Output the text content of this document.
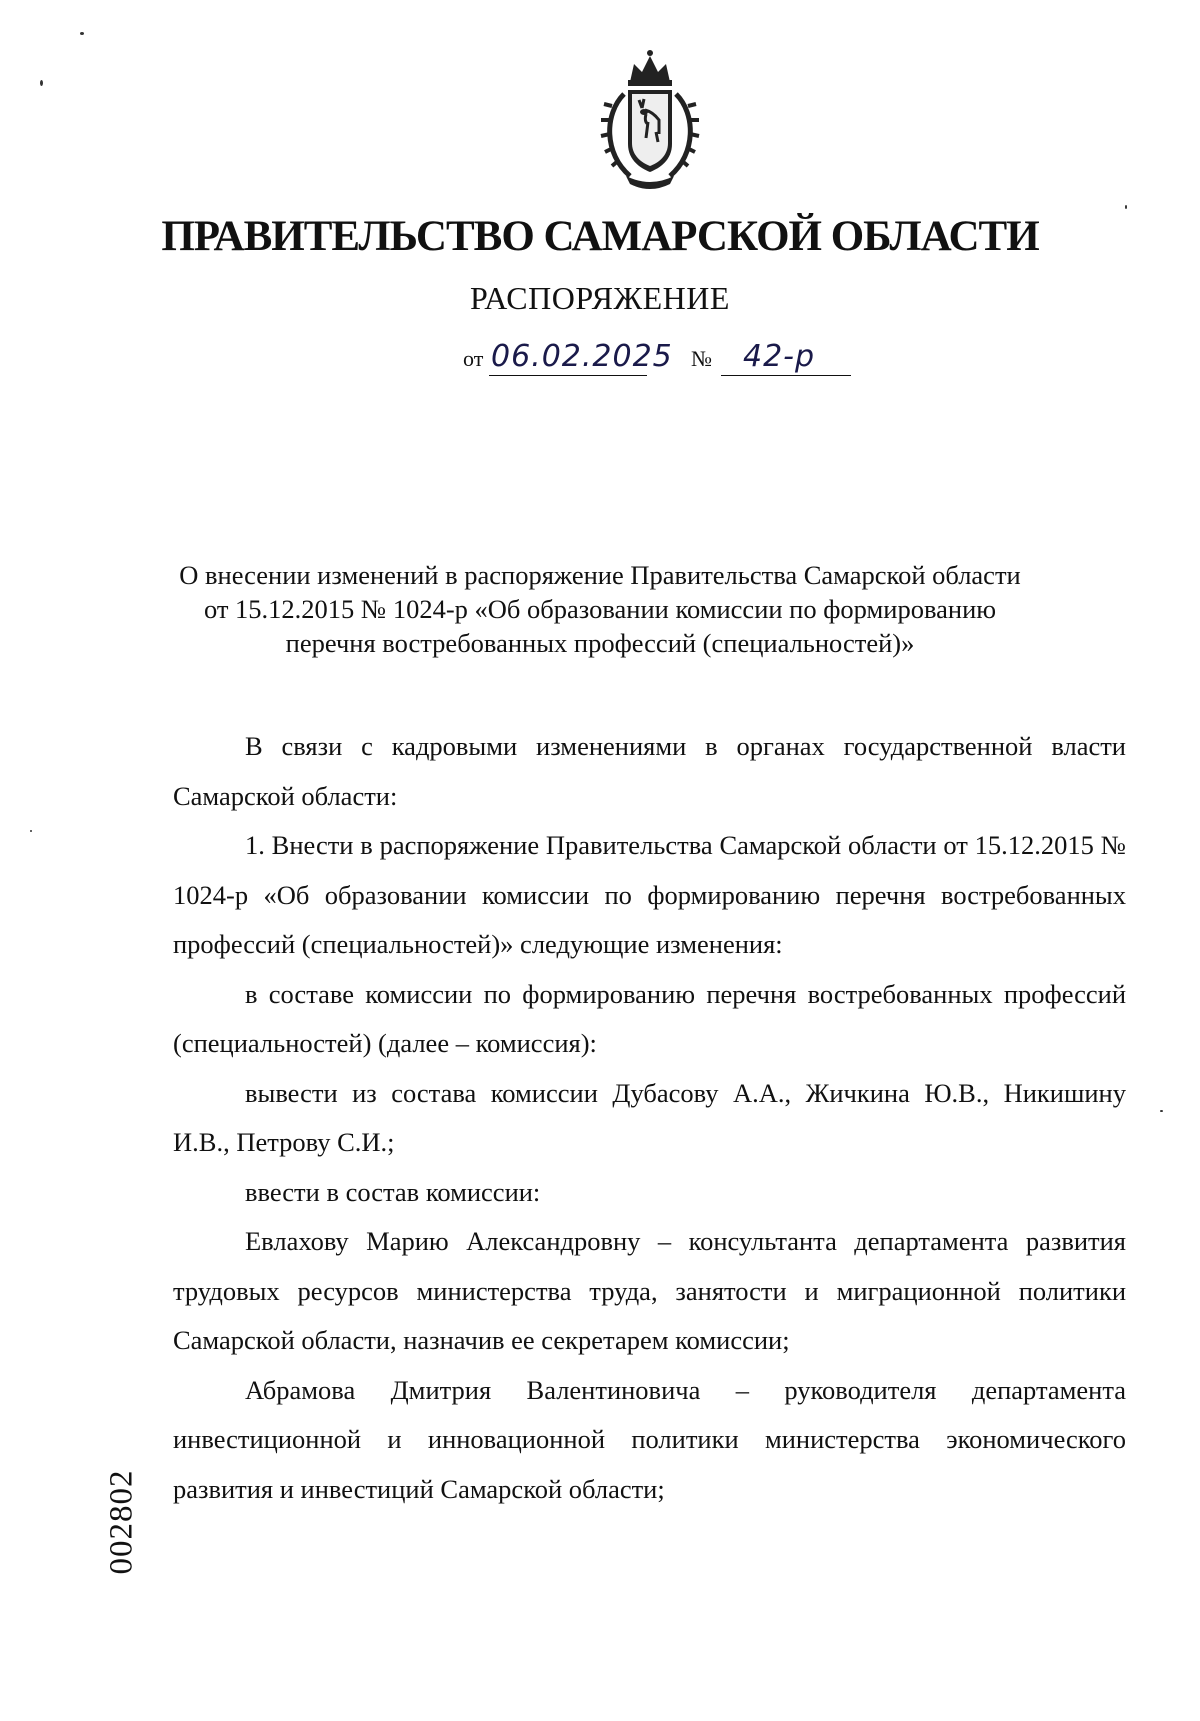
ПРАВИТЕЛЬСТВО САМАРСКОЙ ОБЛАСТИ
РАСПОРЯЖЕНИЕ
от 06.02.2025 № 42-р
О внесении изменений в распоряжение Правительства Самарской области
от 15.12.2015 № 1024-р «Об образовании комиссии по формированию
перечня востребованных профессий (специальностей)»

В связи с кадровыми изменениями в органах государственной власти Самарской области:

1. Внести в распоряжение Правительства Самарской области от 15.12.2015 № 1024-р «Об образовании комиссии по формированию перечня востребованных профессий (специальностей)» следующие изменения:

в составе комиссии по формированию перечня востребованных профессий (специальностей) (далее – комиссия):

вывести из состава комиссии Дубасову А.А., Жичкина Ю.В., Никишину И.В., Петрову С.И.;

ввести в состав комиссии:

Евлахову Марию Александровну – консультанта департамента развития трудовых ресурсов министерства труда, занятости и миграционной политики Самарской области, назначив ее секретарем комиссии;

Абрамова Дмитрия Валентиновича – руководителя департамента инвестиционной и инновационной политики министерства экономического развития и инвестиций Самарской области;

002802
